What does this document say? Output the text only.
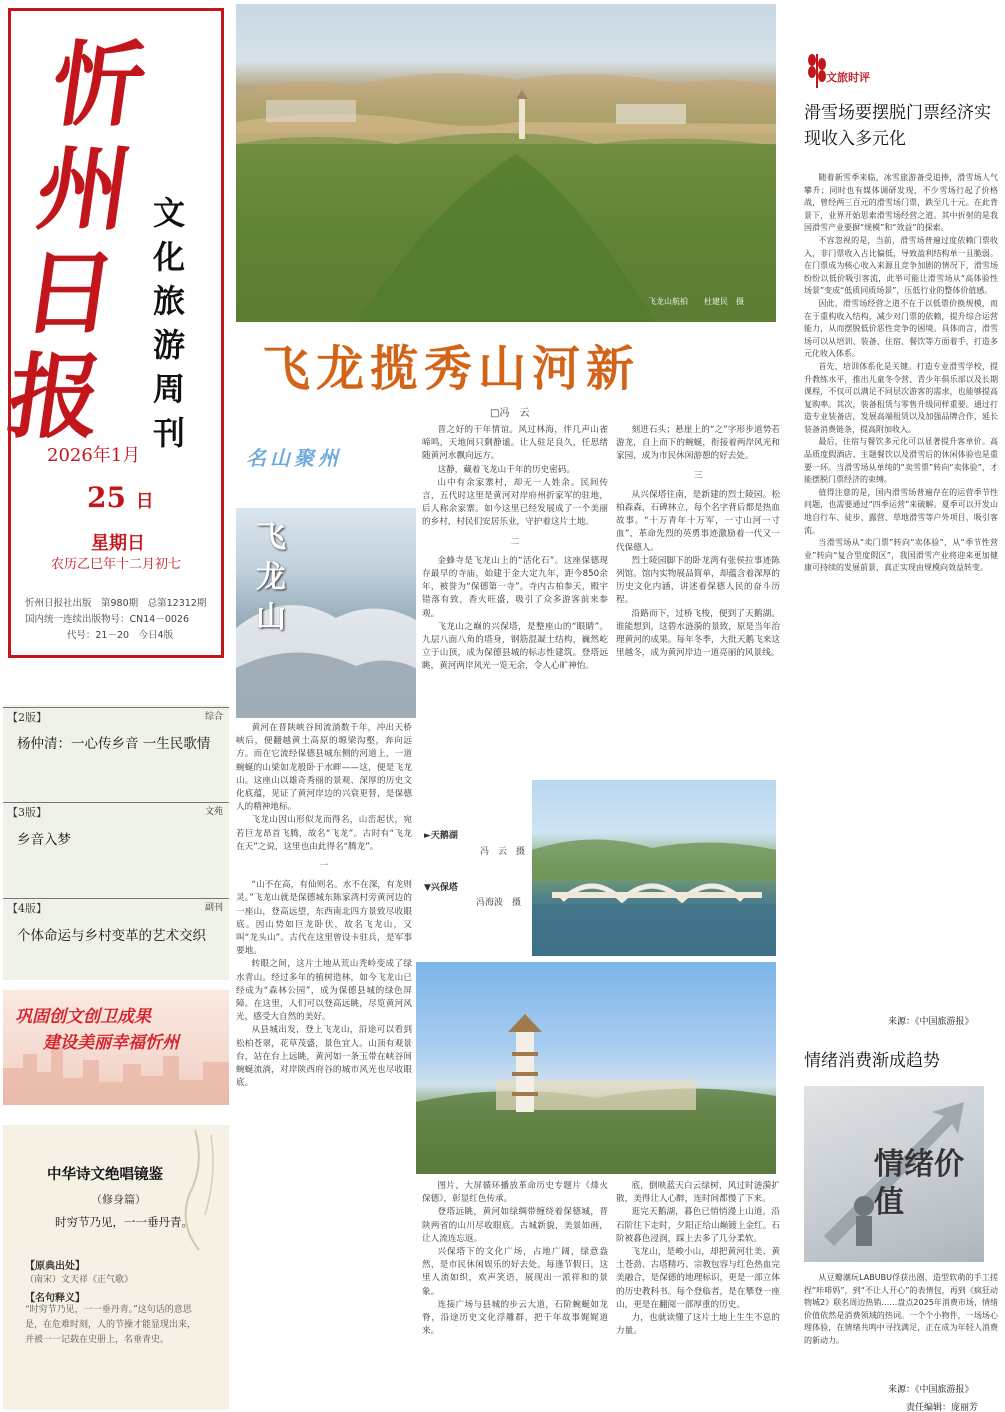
忻
州
日
报
文
化
旅
游
周
刊
2026年1月
25 日
星期日
农历乙巳年十二月初七
忻州日报社出版　第980期　总第12312期
国内统一连续出版物号：CN14－0026
代号：21－20　今日4版
【2版】	综合
杨仲清：一心传乡音 一生民歌情
【3版】	文苑
乡音入梦
【4版】	副刊
个体命运与乡村变革的艺术交织
巩固创文创卫成果
建设美丽幸福忻州
中华诗文绝唱镜鉴
（修身篇）
时穷节乃见，一一垂丹青。
【原典出处】
（南宋）文天祥《正气歌》
【名句释义】
“时穷节乃见，一一垂丹青。”这句话的意思是，在危难时刻，人的节操才能显现出来，并被一一记载在史册上，名垂青史。
飞龙山航拍　　杜建民　摄
飞龙揽秀山河新
□冯　云
名山聚州
飞
龙
山

黄河在晋陕峡谷间流淌数千年，冲出天桥峡后，便翻越黄土高原的塬梁沟壑，奔向远方。而在它流经保德县城东侧的河道上，一道蜿蜒的山梁如龙般卧于水畔——这，便是飞龙山。这座山以雄奇秀丽的景观、深厚的历史文化底蕴，见证了黄河岸边的兴衰更替，是保德人的精神地标。

飞龙山因山形似龙而得名，山峦起伏，宛若巨龙昂首飞腾，故名“飞龙”。古时有“飞龙在天”之说，这里也由此得名“腾龙”。

一

“山不在高，有仙则名。水不在深，有龙则灵。”飞龙山就是保德城东陈家湾村旁黄河边的一座山，登高远望，东西南北四方景致尽收眼底。因山势如巨龙卧伏，故名飞龙山，又叫“龙头山”。古代在这里曾设卡驻兵，是军事要地。

转眼之间，这片土地从荒山秃岭变成了绿水青山。经过多年的植树造林，如今飞龙山已经成为“森林公园”，成为保德县城的绿色屏障。在这里，人们可以登高远眺，尽览黄河风光，感受大自然的美好。

从县城出发，登上飞龙山，沿途可以看到松柏苍翠，花草茂盛，景色宜人。山顶有观景台，站在台上远眺，黄河如一条玉带在峡谷间蜿蜒流淌，对岸陕西府谷的城市风光也尽收眼底。

晋之好的干年情谊。风过林海，伴几声山雀啼鸣，天地间只剩静谧。让人驻足良久，任思绪随黄河水飘向远方。

这静，藏着飞龙山千年的历史密码。

山中有余家寨村，却无一人姓余。民间传言，五代时这里是黄河对岸府州折家军的驻地，后人称余家寨。如今这里已经发展成了一个美丽的乡村，村民们安居乐业，守护着这片土地。

二

金蜂寺是飞龙山上的“活化石”。这座保德现存最早的寺庙，始建于金大定九年，距今850余年，被誉为“保德第一寺”。寺内古柏参天，殿宇错落有致，香火旺盛，吸引了众多游客前来参观。

飞龙山之巅的兴保塔，是整座山的“眼睛”。九层八面八角的塔身，钢筋混凝土结构，巍然屹立于山顶，成为保德县城的标志性建筑。登塔远眺，黄河两岸风光一览无余，令人心旷神怡。

刻进石头；悬崖上的“之”字形步道势若游龙，自上而下的蜿蜒，衔接着两岸风光和家园，成为市民休闲游憩的好去处。

三

从兴保塔往南，是新建的烈士陵园。松柏森森，石碑林立，每个名字背后都是热血故事。“十万青年十万军，一寸山河一寸血”，革命先烈的英勇事迹激励着一代又一代保德人。

烈士陵园脚下的卧龙湾有张侯拉事迹陈列馆。馆内实物展品简单，却蕴含着深厚的历史文化内涵，讲述着保德人民的奋斗历程。

沿路而下，过桥飞梭，便到了天鹅湖。谁能想到，这碧水涟漪的景致，原是当年治理黄河的成果。每年冬季，大批天鹅飞来这里越冬，成为黄河岸边一道亮丽的风景线。

►天鹅湖
冯　云　摄
▼兴保塔
冯海波　摄

图片，大屏循环播放革命历史专题片《烽火保德》，彰显红色传承。

登塔远眺，黄河如绿绸带缠绕着保德城，晋陕两省的山川尽收眼底。古城新貌，美景如画，让人流连忘返。

兴保塔下的文化广场，占地广阔，绿意盎然，是市民休闲娱乐的好去处。每逢节假日，这里人流如织，欢声笑语，展现出一派祥和的景象。

连接广场与县城的步云大道，石阶蜿蜒如龙脊，沿途历史文化浮雕群，把千年故事娓娓道来。

底，倒映蓝天白云绿树，风过时涟漪扩散，美得让人心醉，连时间都慢了下来。

逛完天鹅湖，暮色已悄悄漫上山道，沿石阶往下走时，夕阳正给山巅镀上金红。石阶被暮色浸润，踩上去多了几分柔软。

飞龙山，是峻小山，却把黄河壮美、黄土苍劲、古塔精巧、宗教包容与红色热血完美融合，是保德的地理标识，更是一部立体的历史教科书。每个登临者，是在攀登一座山，更是在翻阅一部厚重的历史。

力，也就读懂了这片土地上生生不息的力量。

文旅时评
滑雪场要摆脱门票经济实现收入多元化

随着新雪季来临，冰雪旅游备受追捧，滑雪场人气攀升；同时也有媒体调研发现，不少雪场行起了价格战，曾经两三百元的滑雪场门票，跌至几十元。在此背景下，业界开始思索滑雪场经营之道。其中折射的是我国滑雪产业要摒“规模”和“效益”的探索。

不容忽视的是，当前，滑雪场普遍过度依赖门票收入，非门票收入占比偏低，导致盈利结构单一且脆弱。在门票成为核心收入来源且竞争加剧的情况下，滑雪场纷纷以低价吸引客流，此举可能让滑雪场从“高体验性场景”变成“低质同质场景”，压低行业的整体价值感。

因此，滑雪场经营之道不在于以低票价换规模，而在于重构收入结构，减少对门票的依赖，提升综合运营能力，从而摆脱低价恶性竞争的困境。具体而言，滑雪场可以从培训、装备、住宿、餐饮等方面着手，打造多元化收入体系。

首先，培训体系化是关键。打造专业滑雪学校，提升教练水平，推出儿童冬令营、青少年俱乐部以及长期课程，不仅可以满足不同层次游客的需求，也能够提高复购率。其次，装备租赁与零售升级同样重要。通过打造专业装备店，发展高端租赁以及加强品牌合作，延长装备消费链条，提高附加收入。

最后，住宿与餐饮多元化可以显著提升客单价。高品质度假酒店、主题餐饮以及滑雪后的休闲体验也是重要一环。当滑雪场从单纯的“卖雪票”转向“卖体验”，才能摆脱门票经济的束缚。

值得注意的是，国内滑雪场普遍存在的运营季节性问题，也需要通过“四季运营”来破解。夏季可以开发山地自行车、徒步、露营、草地滑雪等户外项目，吸引客流。

当滑雪场从“卖门票”转向“卖体验”，从“季节性营业”转向“复合型度假区”，我国滑雪产业将迎来更加健康可持续的发展前景，真正实现由规模向效益转变。

来源：《中国旅游报》
情绪消费渐成趋势
情绪价值

从豆瓣潮玩LABUBU俘获出圈，造型软萌的手工搓捏“咔啡妈”，到“不让人开心”的表情包，再到《疯狂动物城2》联名周边热销……盘点2025年消费市场，情绪价值依然是消费领域的热词。一个个小物件，一场场心理体验，在情绪共鸣中寻找满足，正在成为年轻人消费的新动力。

来源：《中国旅游报》
责任编辑：庞丽芳
